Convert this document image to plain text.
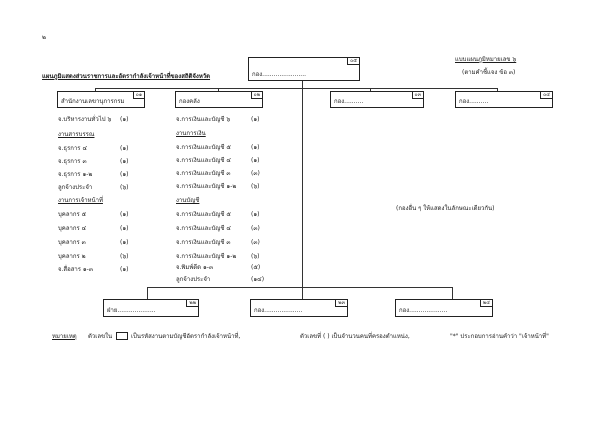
๒
แผนภูมิแสดงส่วนราชการและอัตรากำลังเจ้าหน้าที่ของสถิติจังหวัด
แบบแผนภูมิหมายเลข ๖
(ตามคำชี้แจง ข้อ ๓)
กอง.......................
๐๕
สำนักงานเลขานุการกรม
๐๑
กองคลัง
๐๒
กอง..........
๐๓
กอง..........
๐๔
จ.บริหารงานทั่วไป ๖ (๑)
งานสารบรรณ
จ.ธุรการ ๔	(๑)
จ.ธุรการ ๓	(๑)
จ.ธุรการ ๑-๒	(๑)
ลูกจ้างประจำ	(๖)
งานการเจ้าหน้าที่
บุคลากร ๕	(๑)
บุคลากร ๔	(๑)
บุคลากร ๓	(๑)
บุคลากร ๒	(๖)
จ.สื่อสาร ๑-๓	(๑)
จ.การเงินและบัญชี ๖	(๑)
งานการเงิน
จ.การเงินและบัญชี ๕	(๑)
จ.การเงินและบัญชี ๔	(๑)
จ.การเงินและบัญชี ๓	(๓)
จ.การเงินและบัญชี ๑-๒ (๖)
งานบัญชี
จ.การเงินและบัญชี ๕	(๑)
จ.การเงินและบัญชี ๔	(๓)
จ.การเงินและบัญชี ๓	(๓)
จ.การเงินและบัญชี ๑-๒ (๖)
จ.พิมพ์ดีด ๑-๓	(๕)
ลูกจ้างประจำ	(๑๔)
(กองอื่น ๆ ให้แสดงในลักษณะเดียวกัน)
ฝ่าย....................
๒๒
กอง....................
๒๓
กอง....................
๒๔
หมายเหตุ ตัวเลขใน	เป็นรหัสงานตามบัญชีอัตรากำลังเจ้าหน้าที่,	ตัวเลขที่ ( ) เป็นจำนวนคนที่ครองตำแหน่ง,	"*" ประกอบการอ่านคำว่า "เจ้าหน้าที่"
